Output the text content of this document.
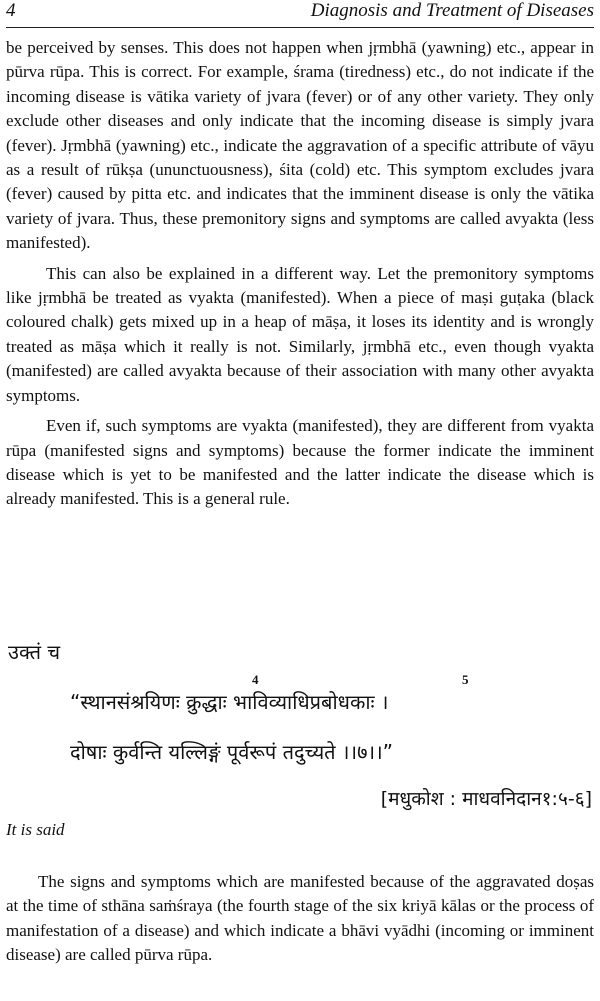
4	Diagnosis and Treatment of Diseases

be perceived by senses. This does not happen when jṛmbhā (yawning) etc., appear in pūrva rūpa. This is correct. For example, śrama (tiredness) etc., do not indicate if the incoming disease is vātika variety of jvara (fever) or of any other variety. They only exclude other diseases and only indicate that the incoming disease is simply jvara (fever). Jṛmbhā (yawning) etc., indicate the aggravation of a specific attribute of vāyu as a result of rūkṣa (ununctuousness), śita (cold) etc. This symptom excludes jvara (fever) caused by pitta etc. and indicates that the imminent disease is only the vātika variety of jvara. Thus, these premonitory signs and symptoms are called avyakta (less manifested).

This can also be explained in a different way. Let the premonitory symptoms like jṛmbhā be treated as vyakta (manifested). When a piece of maṣi guṭaka (black coloured chalk) gets mixed up in a heap of māṣa, it loses its identity and is wrongly treated as māṣa which it really is not. Similarly, jṛmbhā etc., even though vyakta (manifested) are called avyakta because of their association with many other avyakta symptoms.

Even if, such symptoms are vyakta (manifested), they are different from vyakta rūpa (manifested signs and symptoms) because the former indicate the imminent disease which is yet to be manifested and the latter indicate the disease which is already manifested. This is a general rule.

उक्तं च
4	5
“स्थानसंश्रयिणः क्रुद्धाः भाविव्याधिप्रबोधकाः ।
दोषाः कुर्वन्ति यल्लिङ्गं पूर्वरूपं तदुच्यते ।।७।।”
[मधुकोश : माधवनिदान१:५-६]
It is said

The signs and symptoms which are manifested because of the aggravated doṣas at the time of sthāna saṁśraya (the fourth stage of the six kriyā kālas or the process of manifestation of a disease) and which indicate a bhāvi vyādhi (incoming or imminent disease) are called pūrva rūpa.
